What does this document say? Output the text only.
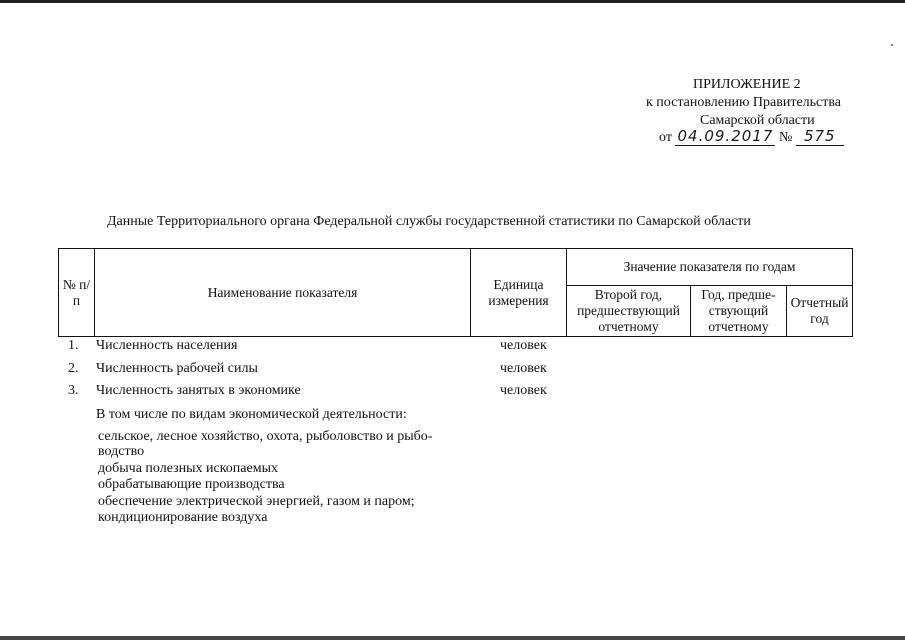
ПРИЛОЖЕНИЕ 2
к постановлению Правительства
Самарской области
от 04.09.2017 № 575
Данные Территориального органа Федеральной службы государственной статистики по Самарской области
№ п/п	Наименование показателя	Единица измерения	Значение показателя по годам		
			Второй год, предшествующий отчетному	Год, предше-ствующий отчетному	Отчетный год
1. Численность населения	человек
2. Численность рабочей силы	человек
3. Численность занятых в экономике	человек
В том числе по видам экономической деятельности:
сельское, лесное хозяйство, охота, рыболовство и рыбо-
водство
добыча полезных ископаемых
обрабатывающие производства
обеспечение электрической энергией, газом и паром;
кондиционирование воздуха
